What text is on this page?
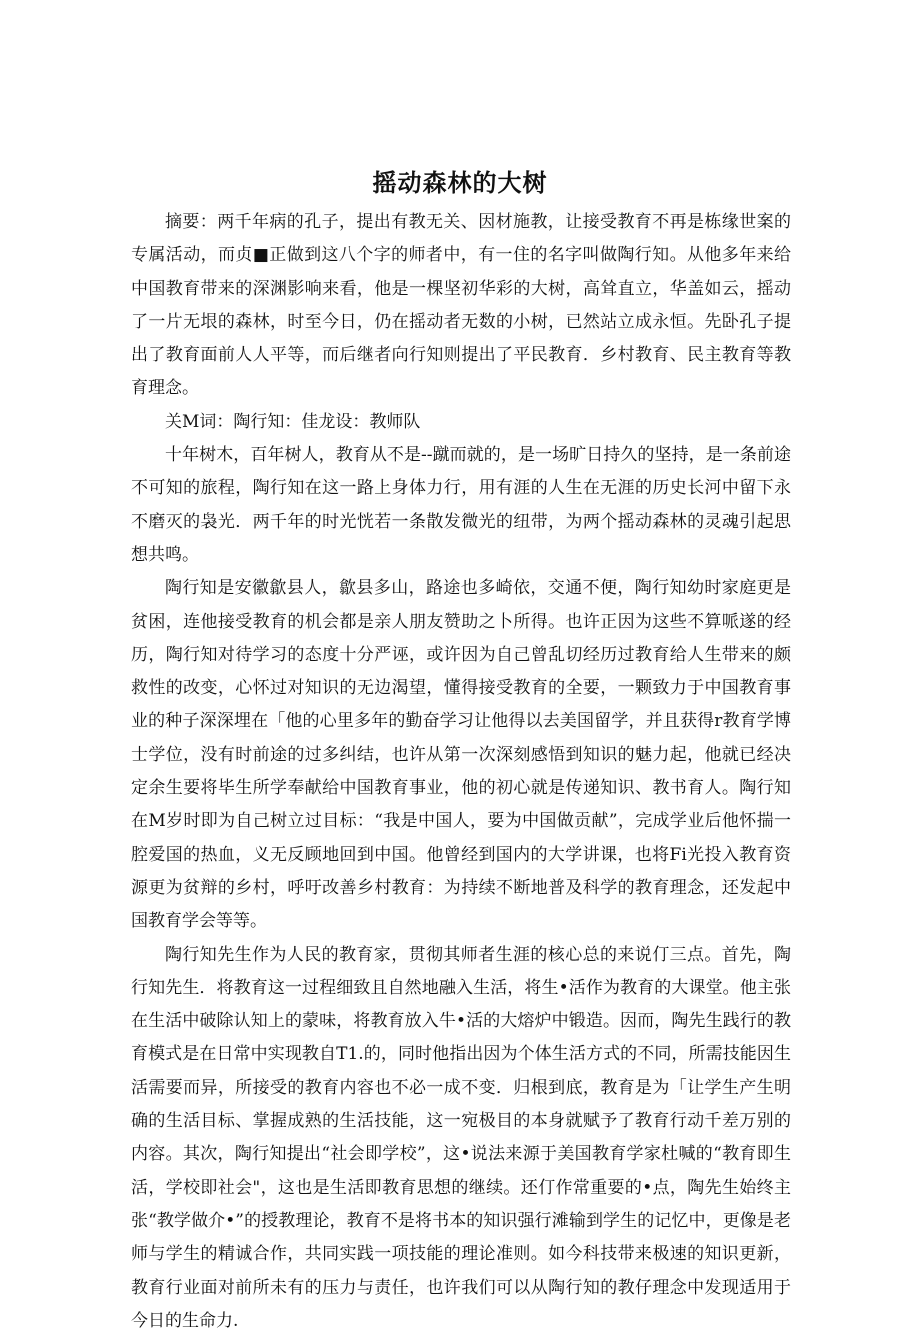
摇动森林的大树

摘要：两千年病的孔子，提出有教无关、因材施教，让接受教育不再是栋缘世案的专属活动，而贞■正做到这八个字的师者中，有一住的名字叫做陶行知。从他多年来给中国教育带来的深渊影响来看，他是一棵坚初华彩的大树，高耸直立，华盖如云，摇动了一片无垠的森林，时至今日，仍在摇动者无数的小树，已然站立成永恒。先卧孔子提出了教育面前人人平等，而后继者向行知则提出了平民教育．乡村教育、民主教育等教育理念。

关M词：陶行知：佳龙设：教师队

十年树木，百年树人，教育从不是--蹴而就的，是一场旷日持久的坚持，是一条前途不可知的旅程，陶行知在这一路上身体力行，用有涯的人生在无涯的历史长河中留下永不磨灭的袅光．两千年的时光恍若一条散发微光的纽带，为两个摇动森林的灵魂引起思想共鸣。

陶行知是安徽歙县人，歙县多山，路途也多崎依，交通不便，陶行知幼时家庭更是贫困，连他接受教育的机会都是亲人朋友赞助之卜所得。也许正因为这些不算哌遂的经历，陶行知对待学习的态度十分严诬，或许因为自己曾乱切经历过教育给人生带来的颇救性的改变，心怀过对知识的无边渴望，懂得接受教育的全要，一颗致力于中国教育事业的种子深深埋在「他的心里多年的勤奋学习让他得以去美国留学，并且获得r教育学博士学位，没有时前途的过多纠结，也许从第一次深刻感悟到知识的魅力起，他就已经决定余生要将毕生所学奉献给中国教育事业，他的初心就是传递知识、教书育人。陶行知在M岁时即为自己树立过目标：“我是中国人，要为中国做贡献”，完成学业后他怀揣一腔爱国的热血，义无反顾地回到中国。他曾经到国内的大学讲课，也将Fi光投入教育资源更为贫辩的乡村，呼吁改善乡村教育：为持续不断地普及科学的教育理念，还发起中国教育学会等等。

陶行知先生作为人民的教育家，贯彻其师者生涯的核心总的来说仃三点。首先，陶行知先生．将教育这一过程细致且自然地融入生活，将生•活作为教育的大课堂。他主张在生活中破除认知上的蒙味，将教育放入牛•活的大熔炉中锻造。因而，陶先生践行的教育模式是在日常中实现教自T1.的，同时他指出因为个体生活方式的不同，所需技能因生活需要而异，所接受的教育内容也不必一成不变．归根到底，教育是为「让学生产生明确的生活目标、掌握成熟的生活技能，这一宛极目的本身就赋予了教育行动千差万别的内容。其次，陶行知提出“社会即学校”，这•说法来源于美国教育学家杜喊的“教育即生活，学校即社会"，这也是生活即教育思想的继续。还仃作常重要的•点，陶先生始终主张“教学做介•”的授教理论，教育不是将书本的知识强行滩输到学生的记忆中，更像是老师与学生的精诚合作，共同实践一项技能的理论准则。如今科技带来极速的知识更新，教育行业面对前所未有的压力与责任，也许我们可以从陶行知的教仔理念中发现适用于今日的生命力.
